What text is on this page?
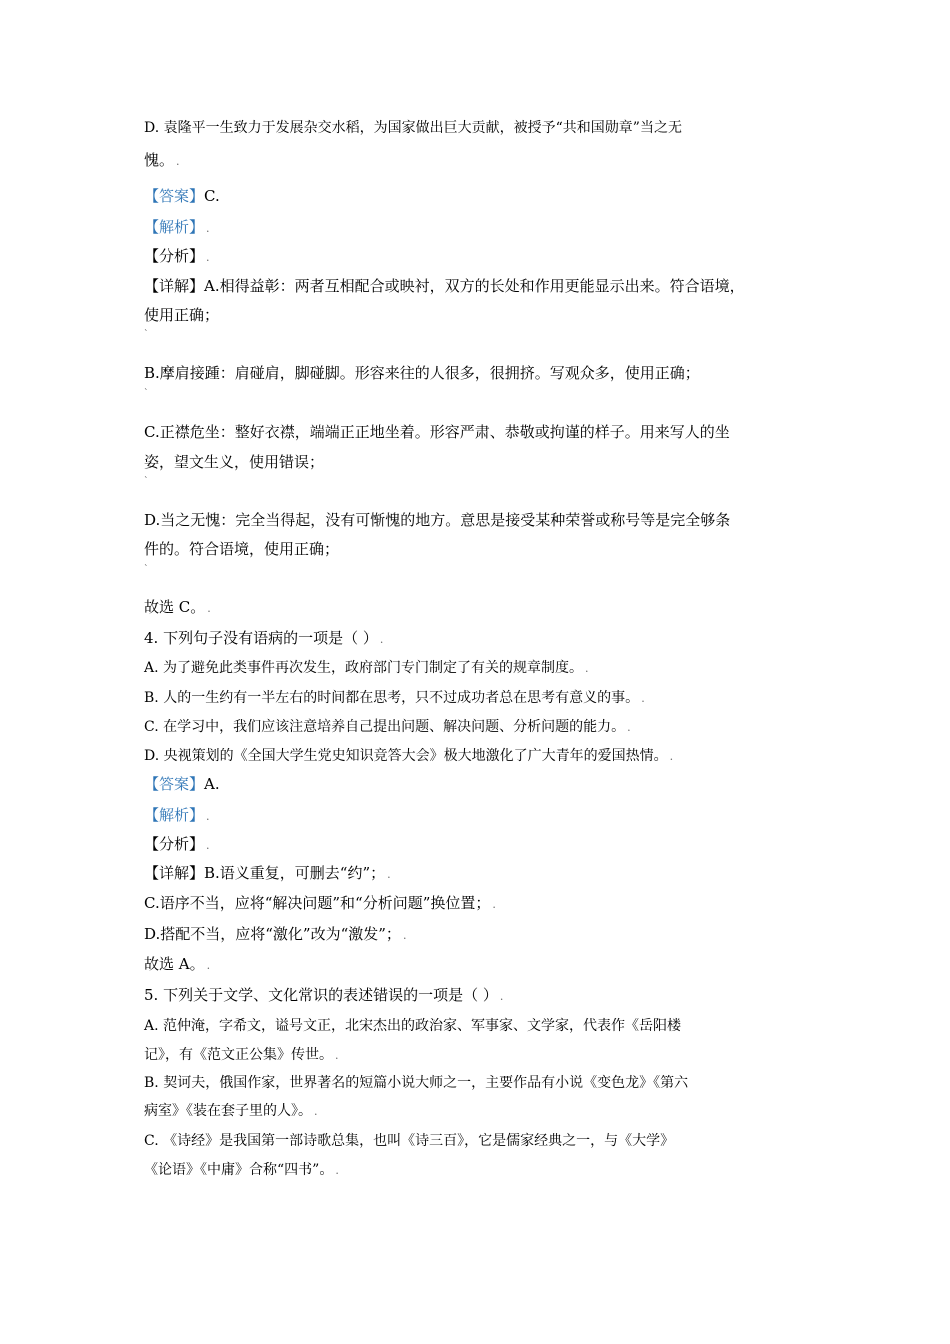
D. 袁隆平一生致力于发展杂交水稻，为国家做出巨大贡献，被授予“共和国勋章”当之无
愧。 .
【答案】C.
【解析】 .
【分析】 .
【详解】A.相得益彰：两者互相配合或映衬，双方的长处和作用更能显示出来。符合语境，
使用正确；
`
B.摩肩接踵：肩碰肩，脚碰脚。形容来往的人很多，很拥挤。写观众多，使用正确；
`
C.正襟危坐：整好衣襟，端端正正地坐着。形容严肃、恭敬或拘谨的样子。用来写人的坐
姿，望文生义，使用错误；
`
D.当之无愧：完全当得起，没有可惭愧的地方。意思是接受某种荣誉或称号等是完全够条
件的。符合语境，使用正确；
`
故选 C。 .
4. 下列句子没有语病的一项是（ ） .
A. 为了避免此类事件再次发生，政府部门专门制定了有关的规章制度。 .
B. 人的一生约有一半左右的时间都在思考，只不过成功者总在思考有意义的事。 .
C. 在学习中，我们应该注意培养自己提出问题、解决问题、分析问题的能力。 .
D. 央视策划的《全国大学生党史知识竞答大会》极大地激化了广大青年的爱国热情。 .
【答案】A.
【解析】 .
【分析】 .
【详解】B.语义重复，可删去“约”； .
C.语序不当，应将“解决问题”和“分析问题”换位置； .
D.搭配不当，应将“激化”改为“激发”； .
故选 A。 .
5. 下列关于文学、文化常识的表述错误的一项是（ ） .
A. 范仲淹，字希文，谥号文正，北宋杰出的政治家、军事家、文学家，代表作《岳阳楼
记》，有《范文正公集》传世。 .
B. 契诃夫，俄国作家，世界著名的短篇小说大师之一，主要作品有小说《变色龙》《第六
病室》《装在套子里的人》。 .
C. 《诗经》是我国第一部诗歌总集，也叫《诗三百》，它是儒家经典之一，与《大学》
《论语》《中庸》合称“四书”。 .
